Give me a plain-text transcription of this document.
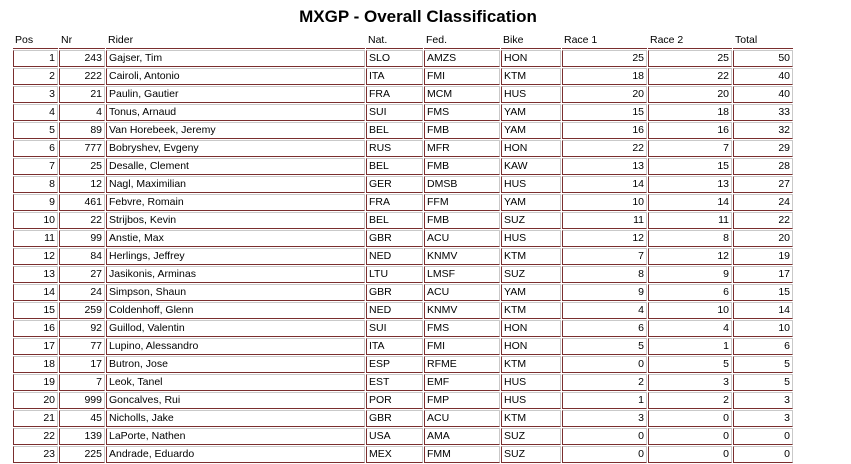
MXGP - Overall Classification
Pos	Nr	Rider	Nat.	Fed.	Bike	Race 1	Race 2	Total
1	243	Gajser, Tim	SLO	AMZS	HON	25	25	50
2	222	Cairoli, Antonio	ITA	FMI	KTM	18	22	40
3	21	Paulin, Gautier	FRA	MCM	HUS	20	20	40
4	4	Tonus, Arnaud	SUI	FMS	YAM	15	18	33
5	89	Van Horebeek, Jeremy	BEL	FMB	YAM	16	16	32
6	777	Bobryshev, Evgeny	RUS	MFR	HON	22	7	29
7	25	Desalle, Clement	BEL	FMB	KAW	13	15	28
8	12	Nagl, Maximilian	GER	DMSB	HUS	14	13	27
9	461	Febvre, Romain	FRA	FFM	YAM	10	14	24
10	22	Strijbos, Kevin	BEL	FMB	SUZ	11	11	22
11	99	Anstie, Max	GBR	ACU	HUS	12	8	20
12	84	Herlings, Jeffrey	NED	KNMV	KTM	7	12	19
13	27	Jasikonis, Arminas	LTU	LMSF	SUZ	8	9	17
14	24	Simpson, Shaun	GBR	ACU	YAM	9	6	15
15	259	Coldenhoff, Glenn	NED	KNMV	KTM	4	10	14
16	92	Guillod, Valentin	SUI	FMS	HON	6	4	10
17	77	Lupino, Alessandro	ITA	FMI	HON	5	1	6
18	17	Butron, Jose	ESP	RFME	KTM	0	5	5
19	7	Leok, Tanel	EST	EMF	HUS	2	3	5
20	999	Goncalves, Rui	POR	FMP	HUS	1	2	3
21	45	Nicholls, Jake	GBR	ACU	KTM	3	0	3
22	139	LaPorte, Nathen	USA	AMA	SUZ	0	0	0
23	225	Andrade, Eduardo	MEX	FMM	SUZ	0	0	0
